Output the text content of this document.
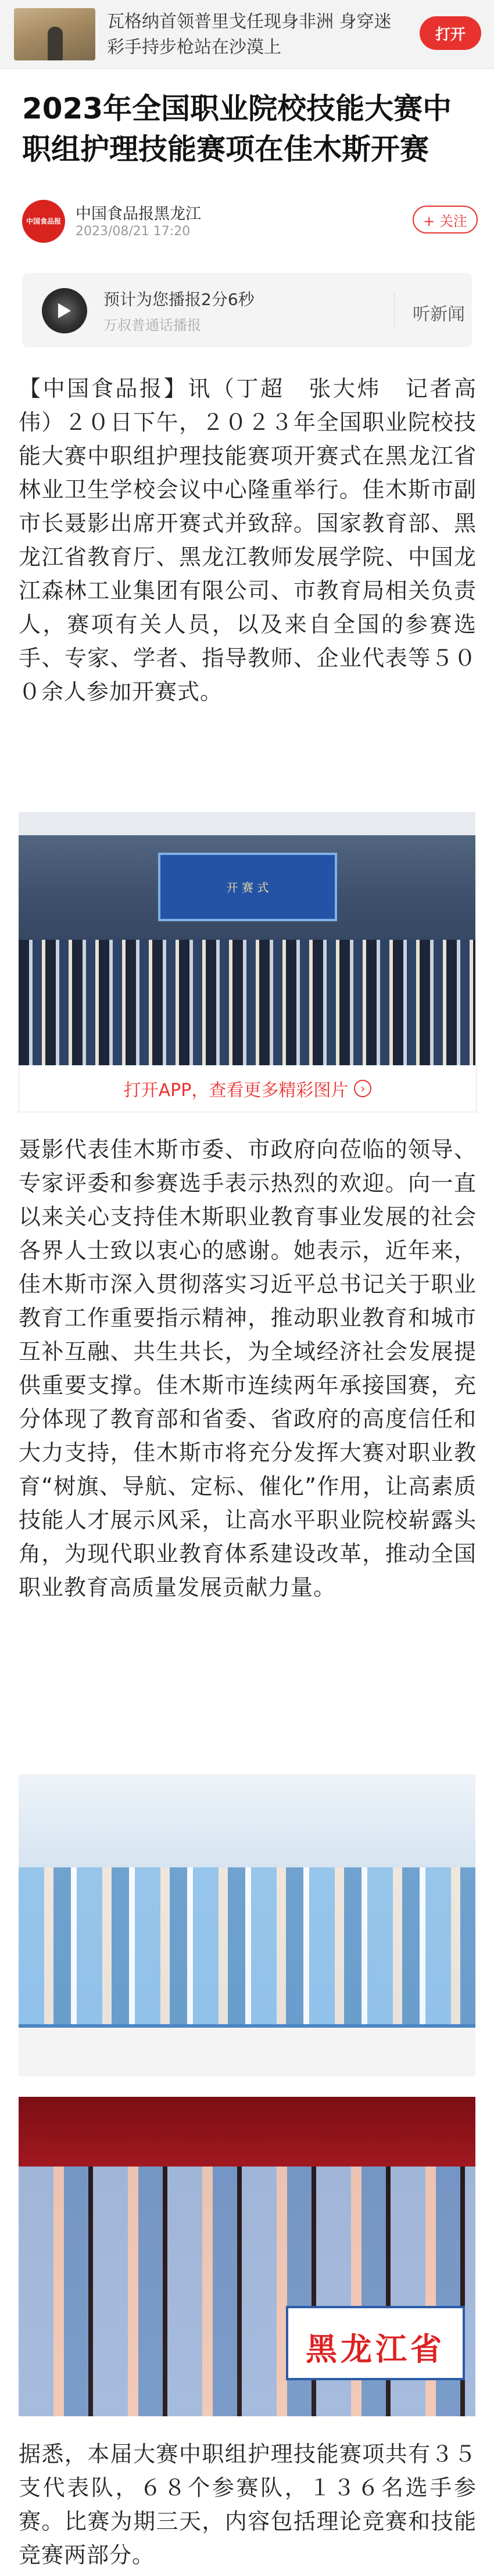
瓦格纳首领普里戈任现身非洲 身穿迷彩手持步枪站在沙漠上
打开
2023年全国职业院校技能大赛中职组护理技能赛项在佳木斯开赛
中国食品报 中国食品报黑龙江
2023/08/21 17:20
+ 关注
预计为您播报2分6秒
万叔普通话播报
听新闻

【中国食品报】讯（丁超　张大炜　记者高伟）２０日下午，２０２３年全国职业院校技能大赛中职组护理技能赛项开赛式在黑龙江省林业卫生学校会议中心隆重举行。佳木斯市副市长聂影出席开赛式并致辞。国家教育部、黑龙江省教育厅、黑龙江教师发展学院、中国龙江森林工业集团有限公司、市教育局相关负责人，赛项有关人员，以及来自全国的参赛选手、专家、学者、指导教师、企业代表等５００余人参加开赛式。

开 赛 式
打开APP，查看更多精彩图片	›

聂影代表佳木斯市委、市政府向莅临的领导、专家评委和参赛选手表示热烈的欢迎。向一直以来关心支持佳木斯职业教育事业发展的社会各界人士致以衷心的感谢。她表示，近年来，佳木斯市深入贯彻落实习近平总书记关于职业教育工作重要指示精神，推动职业教育和城市互补互融、共生共长，为全域经济社会发展提供重要支撑。佳木斯市连续两年承接国赛，充分体现了教育部和省委、省政府的高度信任和大力支持，佳木斯市将充分发挥大赛对职业教育“树旗、导航、定标、催化”作用，让高素质技能人才展示风采，让高水平职业院校崭露头角，为现代职业教育体系建设改革，推动全国职业教育高质量发展贡献力量。

黑龙江省

据悉，本届大赛中职组护理技能赛项共有３５支代表队，６８个参赛队，１３６名选手参赛。比赛为期三天，内容包括理论竞赛和技能竞赛两部分。
